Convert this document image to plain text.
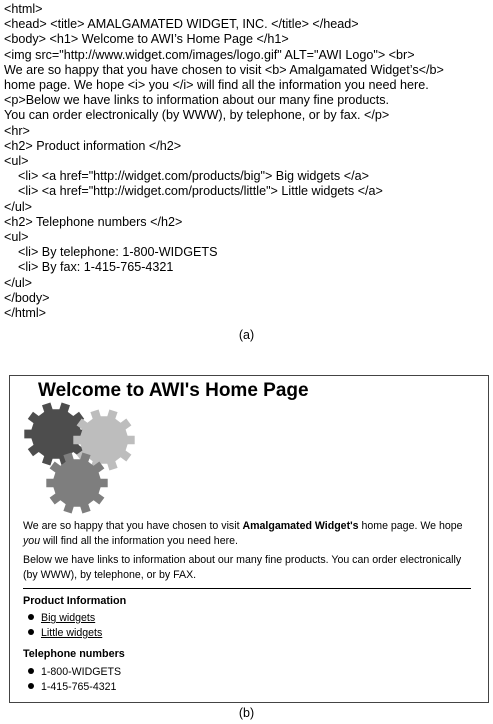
<html>
<head> <title> AMALGAMATED WIDGET, INC. </title> </head>
<body> <h1> Welcome to AWI’s Home Page </h1>
<img src="http://www.widget.com/images/logo.gif" ALT="AWI Logo"> <br>
We are so happy that you have chosen to visit <b> Amalgamated Widget’s</b>
home page. We hope <i> you </i> will find all the information you need here.
<p>Below we have links to information about our many fine products.
You can order electronically (by WWW), by telephone, or by fax. </p>
<hr>
<h2> Product information </h2>
<ul>
<li> <a href="http://widget.com/products/big"> Big widgets </a>
<li> <a href="http://widget.com/products/little"> Little widgets </a>
</ul>
<h2> Telephone numbers </h2>
<ul>
<li> By telephone: 1-800-WIDGETS
<li> By fax: 1-415-765-4321
</ul>
</body>
</html>
(a)
Welcome to AWI's Home Page
We are so happy that you have chosen to visit Amalgamated Widget's home page. We hope you will find all the information you need here.
Below we have links to information about our many fine products. You can order electronically (by WWW), by telephone, or by FAX.
Product Information
Big widgets
Little widgets
Telephone numbers
1-800-WIDGETS
1-415-765-4321
(b)
